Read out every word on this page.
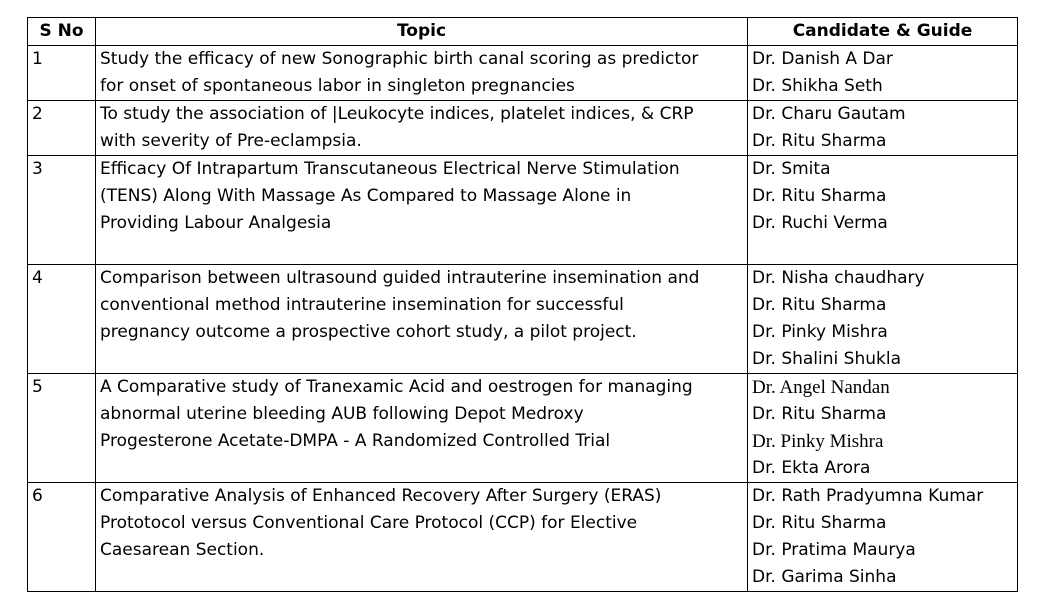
S No	Topic	Candidate & Guide
1	Study the efficacy of new Sonographic birth canal scoring as predictor
for onset of spontaneous labor in singleton pregnancies	Dr. Danish A Dar
Dr. Shikha Seth

2	To study the association of |Leukocyte indices, platelet indices, & CRP
with severity of Pre-eclampsia.	Dr. Charu Gautam
Dr. Ritu Sharma

3	Efficacy Of Intrapartum Transcutaneous Electrical Nerve Stimulation
(TENS) Along With Massage As Compared to Massage Alone in
Providing Labour Analgesia	Dr. Smita
Dr. Ritu Sharma
Dr. Ruchi Verma

4	Comparison between ultrasound guided intrauterine insemination and
conventional method intrauterine insemination for successful
pregnancy outcome a prospective cohort study, a pilot project.	Dr. Nisha chaudhary
Dr. Ritu Sharma
Dr. Pinky Mishra
Dr. Shalini Shukla

5	A Comparative study of Tranexamic Acid and oestrogen for managing
abnormal uterine bleeding AUB following Depot Medroxy
Progesterone Acetate-DMPA - A Randomized Controlled Trial	Dr. Angel Nandan
Dr. Ritu Sharma
Dr. Pinky Mishra
Dr. Ekta Arora

6	Comparative Analysis of Enhanced Recovery After Surgery (ERAS)
Prototocol versus Conventional Care Protocol (CCP) for Elective
Caesarean Section.	Dr. Rath Pradyumna Kumar
Dr. Ritu Sharma
Dr. Pratima Maurya
Dr. Garima Sinha
